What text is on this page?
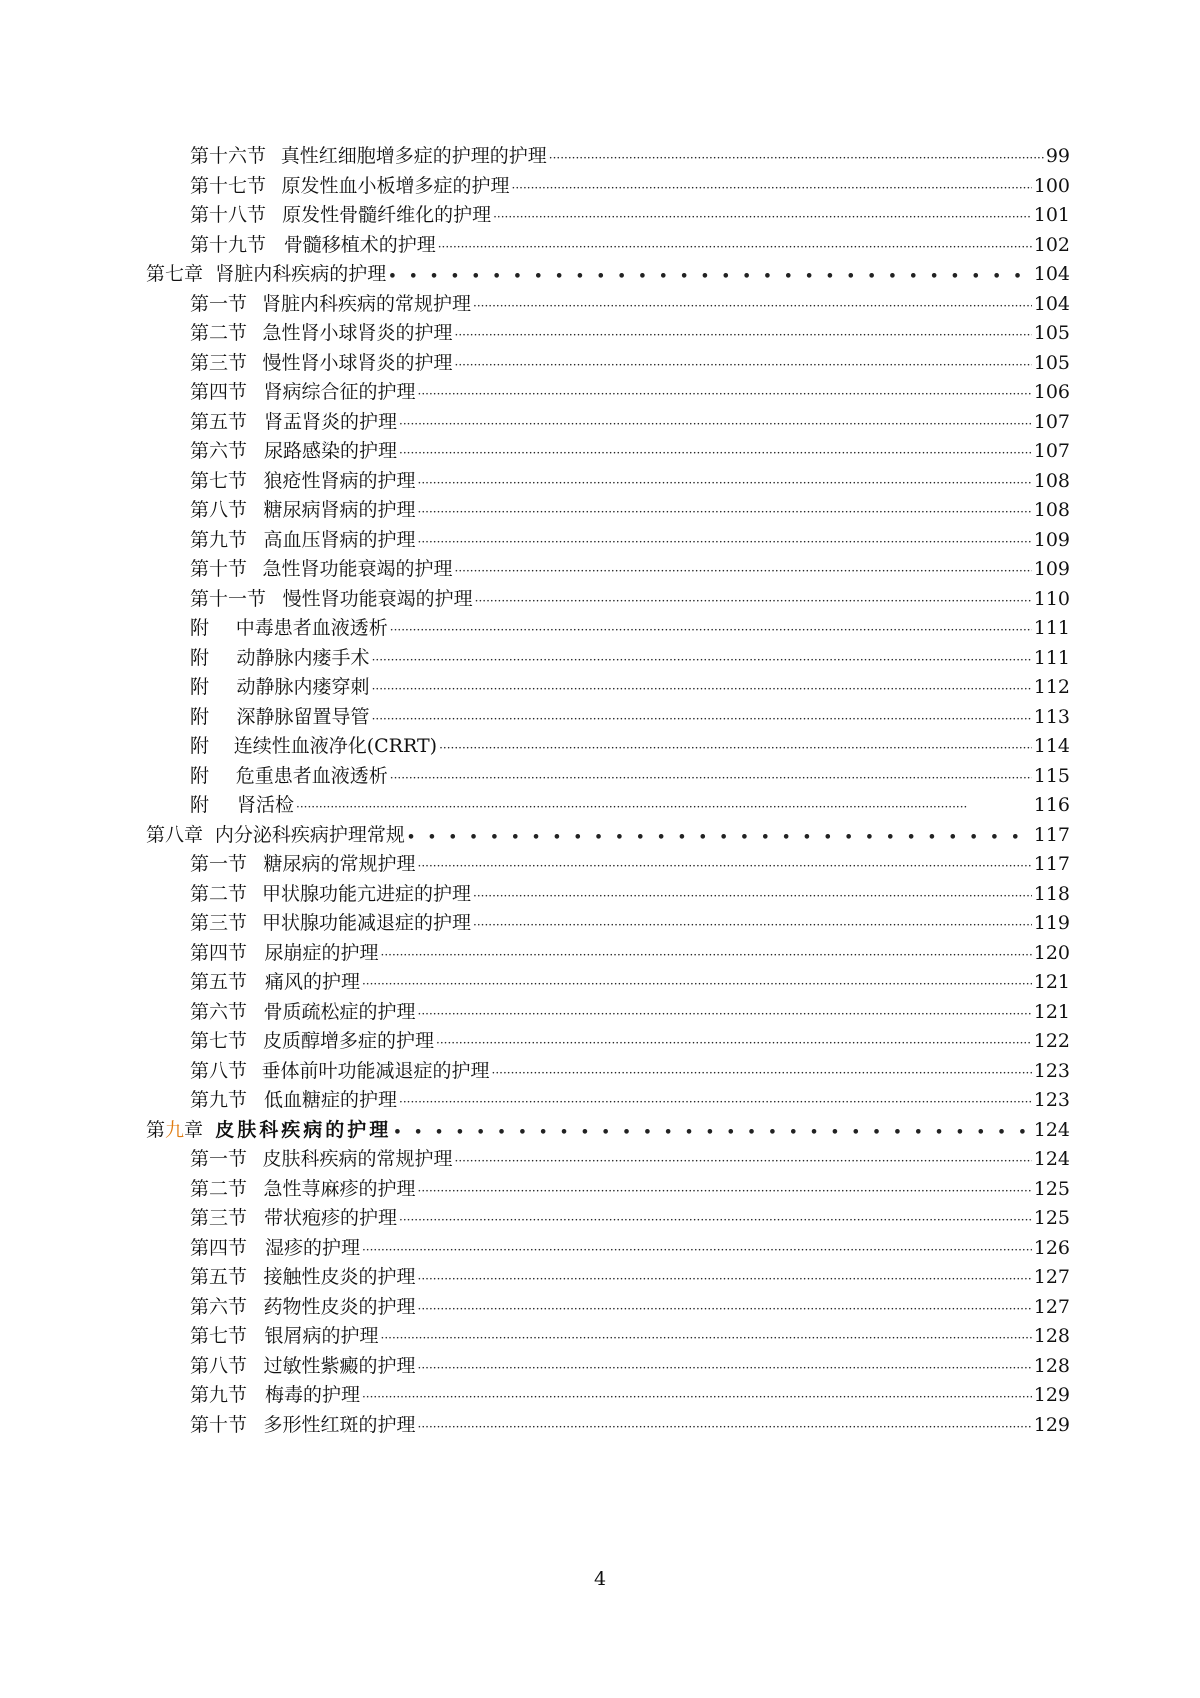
第十六节 真性红细胞增多症的护理的护理 ·····	99
第十七节 原发性血小板增多症的护理 ·····	100
第十八节 原发性骨髓纤维化的护理 ·····	101
第十九节 骨髓移植术的护理 ·····	102
第七章 肾脏内科疾病的护理 • • •	104
第一节 肾脏内科疾病的常规护理 ·····	104
第二节 急性肾小球肾炎的护理 ·····	105
第三节 慢性肾小球肾炎的护理 ·····	105
第四节 肾病综合征的护理 ·····	106
第五节 肾盂肾炎的护理 ·····	107
第六节 尿路感染的护理 ·····	107
第七节 狼疮性肾病的护理 ·····	108
第八节 糖尿病肾病的护理 ·····	108
第九节 高血压肾病的护理 ·····	109
第十节 急性肾功能衰竭的护理 ·····	109
第十一节 慢性肾功能衰竭的护理 ·····	110
附 中毒患者血液透析 ·····	111
附 动静脉内瘘手术 ·····	111
附 动静脉内瘘穿刺 ·····	112
附 深静脉留置导管 ·····	113
附 连续性血液净化(CRRT) ·····	114
附 危重患者血液透析 ·····	115
附 肾活检 ·····	116
第八章 内分泌科疾病护理常规 • • •	117
第一节 糖尿病的常规护理 ·····	117
第二节 甲状腺功能亢进症的护理 ·····	118
第三节 甲状腺功能减退症的护理 ·····	119
第四节 尿崩症的护理 ·····	120
第五节 痛风的护理 ·····	121
第六节 骨质疏松症的护理 ·····	121
第七节 皮质醇增多症的护理 ·····	122
第八节 垂体前叶功能减退症的护理 ·····	123
第九节 低血糖症的护理 ·····	123
第九章 皮肤科疾病的护理 • • •	124
第一节 皮肤科疾病的常规护理 ·····	124
第二节 急性荨麻疹的护理 ·····	125
第三节 带状疱疹的护理 ·····	125
第四节 湿疹的护理 ·····	126
第五节 接触性皮炎的护理 ·····	127
第六节 药物性皮炎的护理 ·····	127
第七节 银屑病的护理 ·····	128
第八节 过敏性紫癜的护理 ·····	128
第九节 梅毒的护理 ·····	129
第十节 多形性红斑的护理 ·····	129
4
